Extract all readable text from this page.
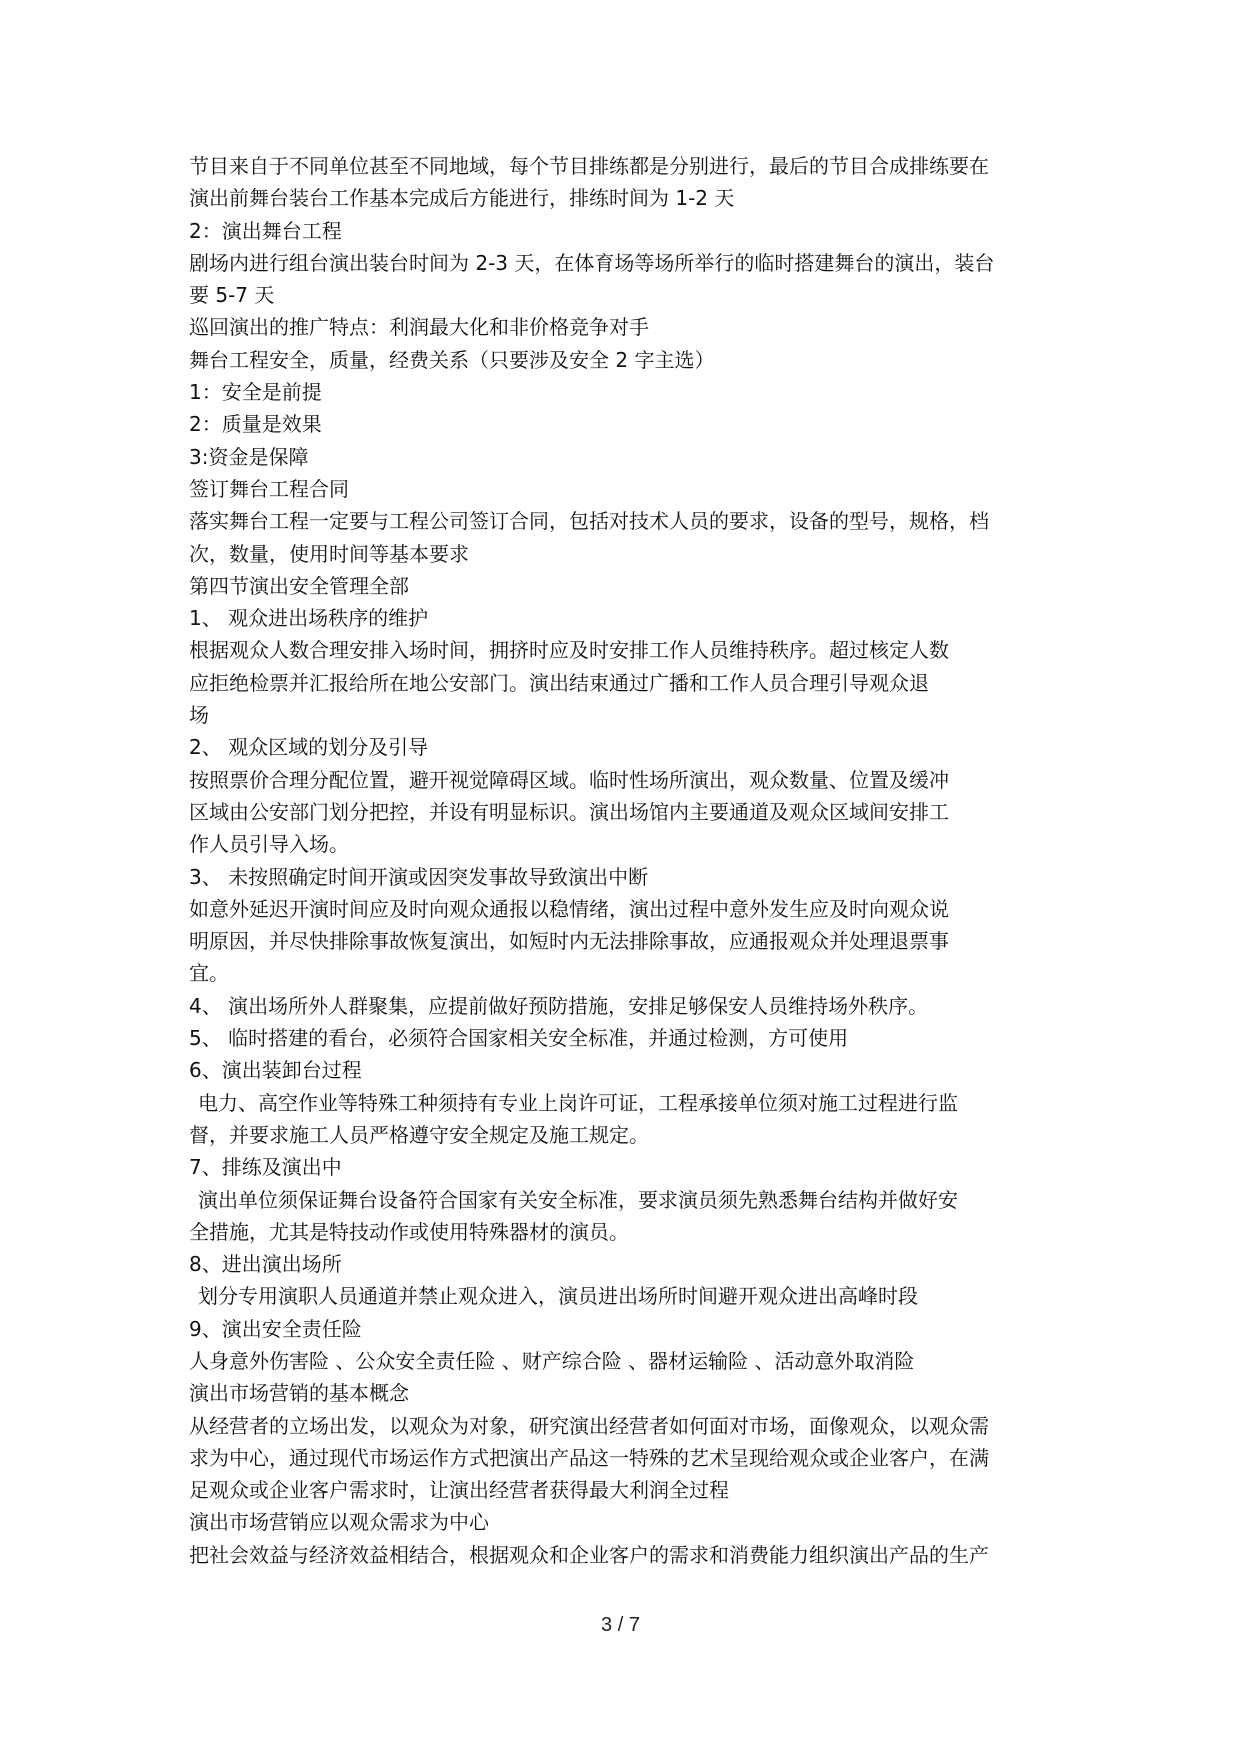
节目来自于不同单位甚至不同地域，每个节目排练都是分别进行，最后的节目合成排练要在
演出前舞台装台工作基本完成后方能进行，排练时间为 1-2 天
2：演出舞台工程
剧场内进行组台演出装台时间为 2-3 天，在体育场等场所举行的临时搭建舞台的演出，装台
要 5-7 天
巡回演出的推广特点：利润最大化和非价格竞争对手
舞台工程安全，质量，经费关系（只要涉及安全 2 字主选）
1：安全是前提
2：质量是效果
3:资金是保障
签订舞台工程合同
落实舞台工程一定要与工程公司签订合同，包括对技术人员的要求，设备的型号，规格，档
次，数量，使用时间等基本要求
第四节演出安全管理全部
1、 观众进出场秩序的维护
根据观众人数合理安排入场时间，拥挤时应及时安排工作人员维持秩序。超过核定人数
应拒绝检票并汇报给所在地公安部门。演出结束通过广播和工作人员合理引导观众退
场
2、 观众区域的划分及引导
按照票价合理分配位置，避开视觉障碍区域。临时性场所演出，观众数量、位置及缓冲
区域由公安部门划分把控，并设有明显标识。演出场馆内主要通道及观众区域间安排工
作人员引导入场。
3、 未按照确定时间开演或因突发事故导致演出中断
如意外延迟开演时间应及时向观众通报以稳情绪，演出过程中意外发生应及时向观众说
明原因，并尽快排除事故恢复演出，如短时内无法排除事故，应通报观众并处理退票事
宜。
4、 演出场所外人群聚集，应提前做好预防措施，安排足够保安人员维持场外秩序。
5、 临时搭建的看台，必须符合国家相关安全标准，并通过检测，方可使用
6、演出装卸台过程
电力、高空作业等特殊工种须持有专业上岗许可证，工程承接单位须对施工过程进行监
督，并要求施工人员严格遵守安全规定及施工规定。
7、排练及演出中
演出单位须保证舞台设备符合国家有关安全标准，要求演员须先熟悉舞台结构并做好安
全措施，尤其是特技动作或使用特殊器材的演员。
8、进出演出场所
划分专用演职人员通道并禁止观众进入，演员进出场所时间避开观众进出高峰时段
9、演出安全责任险
人身意外伤害险 、公众安全责任险 、财产综合险 、器材运输险 、活动意外取消险
演出市场营销的基本概念
从经营者的立场出发，以观众为对象，研究演出经营者如何面对市场，面像观众，以观众需
求为中心，通过现代市场运作方式把演出产品这一特殊的艺术呈现给观众或企业客户，在满
足观众或企业客户需求时，让演出经营者获得最大利润全过程
演出市场营销应以观众需求为中心
把社会效益与经济效益相结合，根据观众和企业客户的需求和消费能力组织演出产品的生产
3 / 7
